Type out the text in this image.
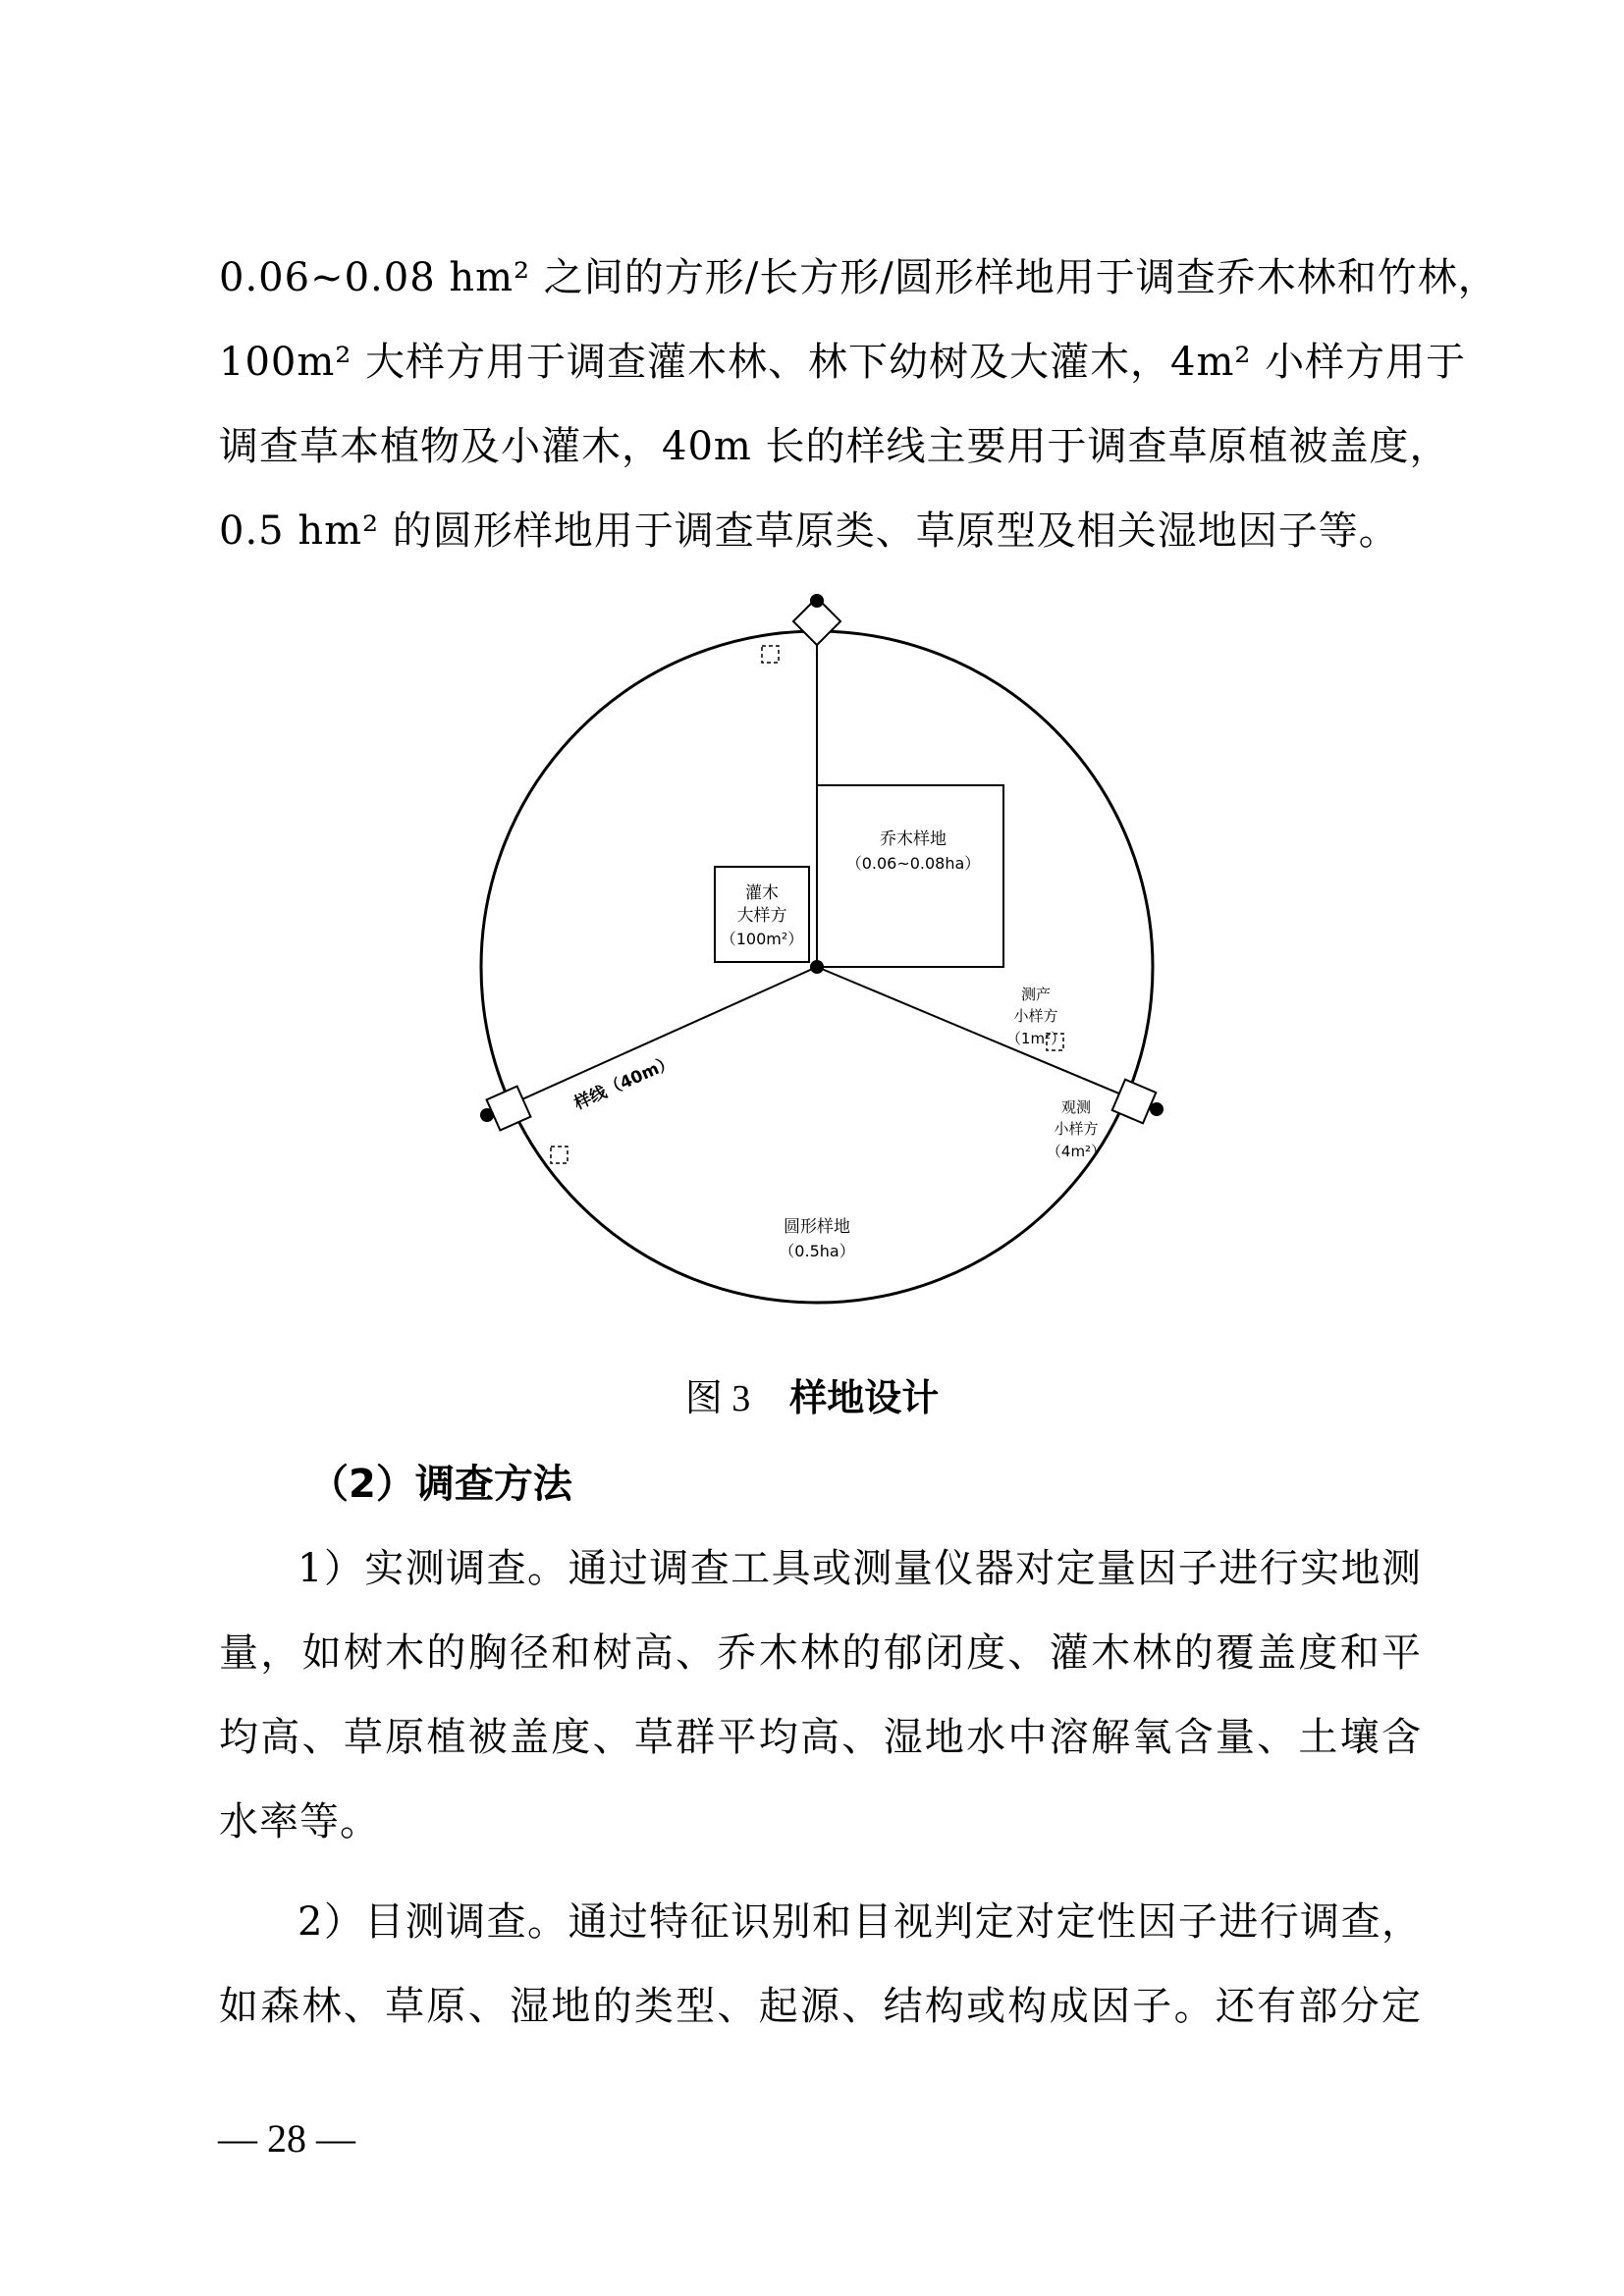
0.06~0.08 hm² 之间的方形/长方形/圆形样地用于调查乔木林和竹林，
100m² 大样方用于调查灌木林、林下幼树及大灌木，4m² 小样方用于
调查草本植物及小灌木，40m 长的样线主要用于调查草原植被盖度，
0.5 hm² 的圆形样地用于调查草原类、草原型及相关湿地因子等。
乔木样地
（0.06~0.08ha）
灌木
大样方
（100m²）
样线（40m）
测产
小样方
（1m²）
观测
小样方
（4m²）
圆形样地
（0.5ha）
图 3 样地设计
（2）调查方法
1）实测调查。通过调查工具或测量仪器对定量因子进行实地测
量，如树木的胸径和树高、乔木林的郁闭度、灌木林的覆盖度和平
均高、草原植被盖度、草群平均高、湿地水中溶解氧含量、土壤含
水率等。
2）目测调查。通过特征识别和目视判定对定性因子进行调查，
如森林、草原、湿地的类型、起源、结构或构成因子。还有部分定
— 28 —
